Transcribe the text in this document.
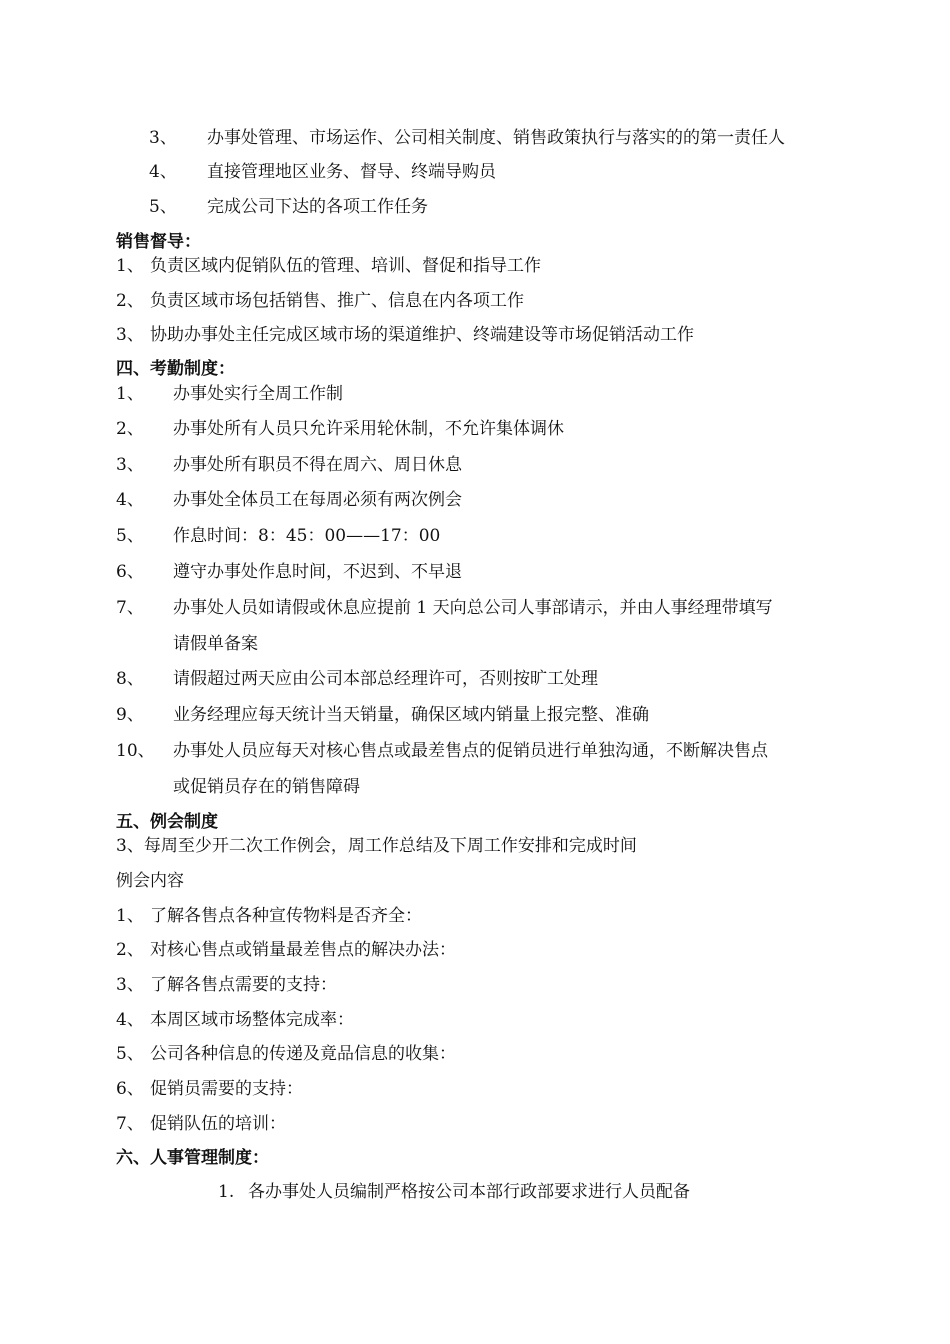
3、 办事处管理、市场运作、公司相关制度、销售政策执行与落实的的第一责任人
4、 直接管理地区业务、督导、终端导购员
5、 完成公司下达的各项工作任务
销售督导：
1、 负责区域内促销队伍的管理、培训、督促和指导工作
2、 负责区域市场包括销售、推广、信息在内各项工作
3、 协助办事处主任完成区域市场的渠道维护、终端建设等市场促销活动工作
四、考勤制度：
1、 办事处实行全周工作制
2、 办事处所有人员只允许采用轮休制，不允许集体调休
3、 办事处所有职员不得在周六、周日休息
4、 办事处全体员工在每周必须有两次例会
5、 作息时间：8：45：00——17：00
6、 遵守办事处作息时间，不迟到、不早退
7、 办事处人员如请假或休息应提前 1 天向总公司人事部请示，并由人事经理带填写
请假单备案
8、 请假超过两天应由公司本部总经理许可，否则按旷工处理
9、 业务经理应每天统计当天销量，确保区域内销量上报完整、准确
10、 办事处人员应每天对核心售点或最差售点的促销员进行单独沟通，不断解决售点
或促销员存在的销售障碍
五、例会制度
3、每周至少开二次工作例会，周工作总结及下周工作安排和完成时间
例会内容
1、 了解各售点各种宣传物料是否齐全：
2、 对核心售点或销量最差售点的解决办法：
3、 了解各售点需要的支持：
4、 本周区域市场整体完成率：
5、 公司各种信息的传递及竟品信息的收集：
6、 促销员需要的支持：
7、 促销队伍的培训：
六、人事管理制度：
1. 各办事处人员编制严格按公司本部行政部要求进行人员配备
